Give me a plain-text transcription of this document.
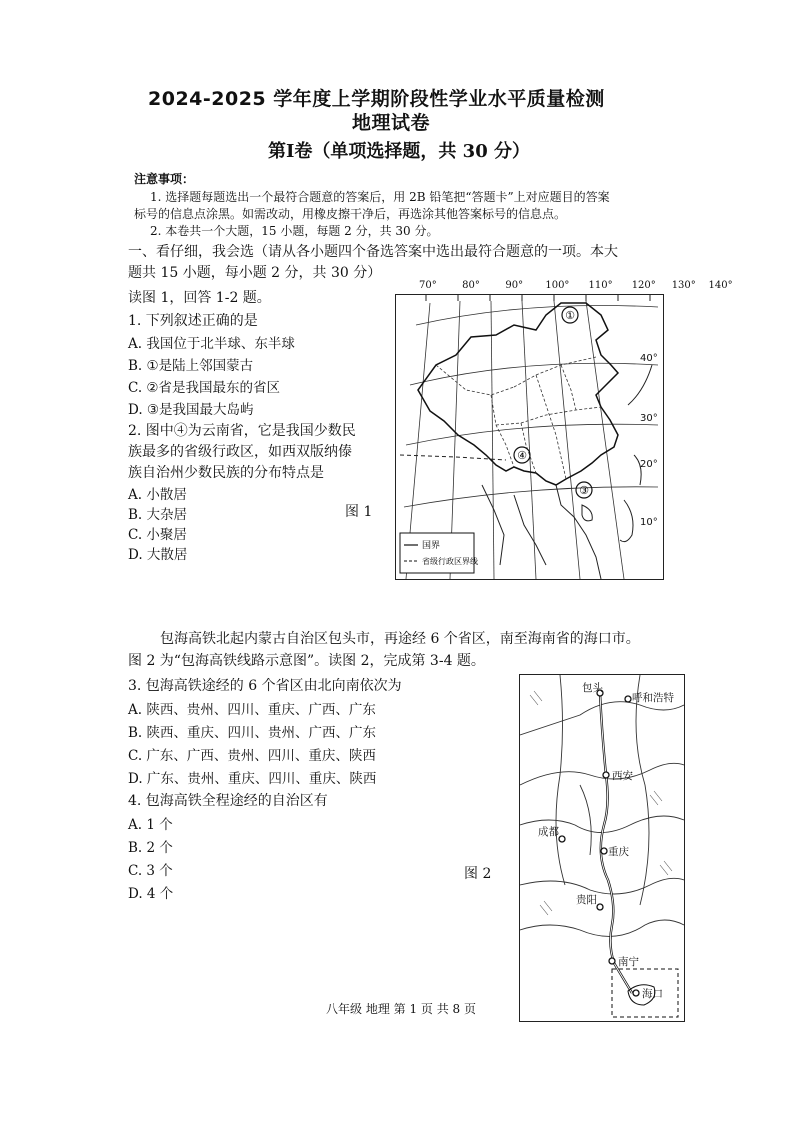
2024-2025 学年度上学期阶段性学业水平质量检测
地理试卷
第Ⅰ卷（单项选择题，共 30 分）
注意事项：
1. 选择题每题选出一个最符合题意的答案后，用 2B 铅笔把“答题卡”上对应题目的答案
标号的信息点涂黑。如需改动，用橡皮擦干净后，再选涂其他答案标号的信息点。
2. 本卷共一个大题，15 小题，每题 2 分，共 30 分。
一、看仔细，我会选（请从各小题四个备选答案中选出最符合题意的一项。本大
题共 15 小题，每小题 2 分，共 30 分）
读图 1，回答 1-2 题。
1. 下列叙述正确的是
A. 我国位于北半球、东半球
B. ①是陆上邻国蒙古
C. ②省是我国最东的省区
D. ③是我国最大岛屿
2. 图中④为云南省，它是我国少数民
族最多的省级行政区，如西双版纳傣
族自治州少数民族的分布特点是
A. 小散居
B. 大杂居
C. 小聚居
D. 大散居
图 1
①
④
③
40°
30°
20°
10°
国界
省级行政区界线
70°	80°	90° 100° 110° 120° 130° 140°
包海高铁北起内蒙古自治区包头市，再途经 6 个省区，南至海南省的海口市。
图 2 为“包海高铁线路示意图”。读图 2，完成第 3-4 题。
3. 包海高铁途经的 6 个省区由北向南依次为
A. 陕西、贵州、四川、重庆、广西、广东
B. 陕西、重庆、四川、贵州、广西、广东
C. 广东、广西、贵州、四川、重庆、陕西
D. 广东、贵州、重庆、四川、重庆、陕西
4. 包海高铁全程途经的自治区有
A. 1 个
B. 2 个
C. 3 个
D. 4 个
图 2
包头
呼和浩特
西安
成都
重庆
贵阳
南宁
海口
八年级 地理 第 1 页 共 8 页
